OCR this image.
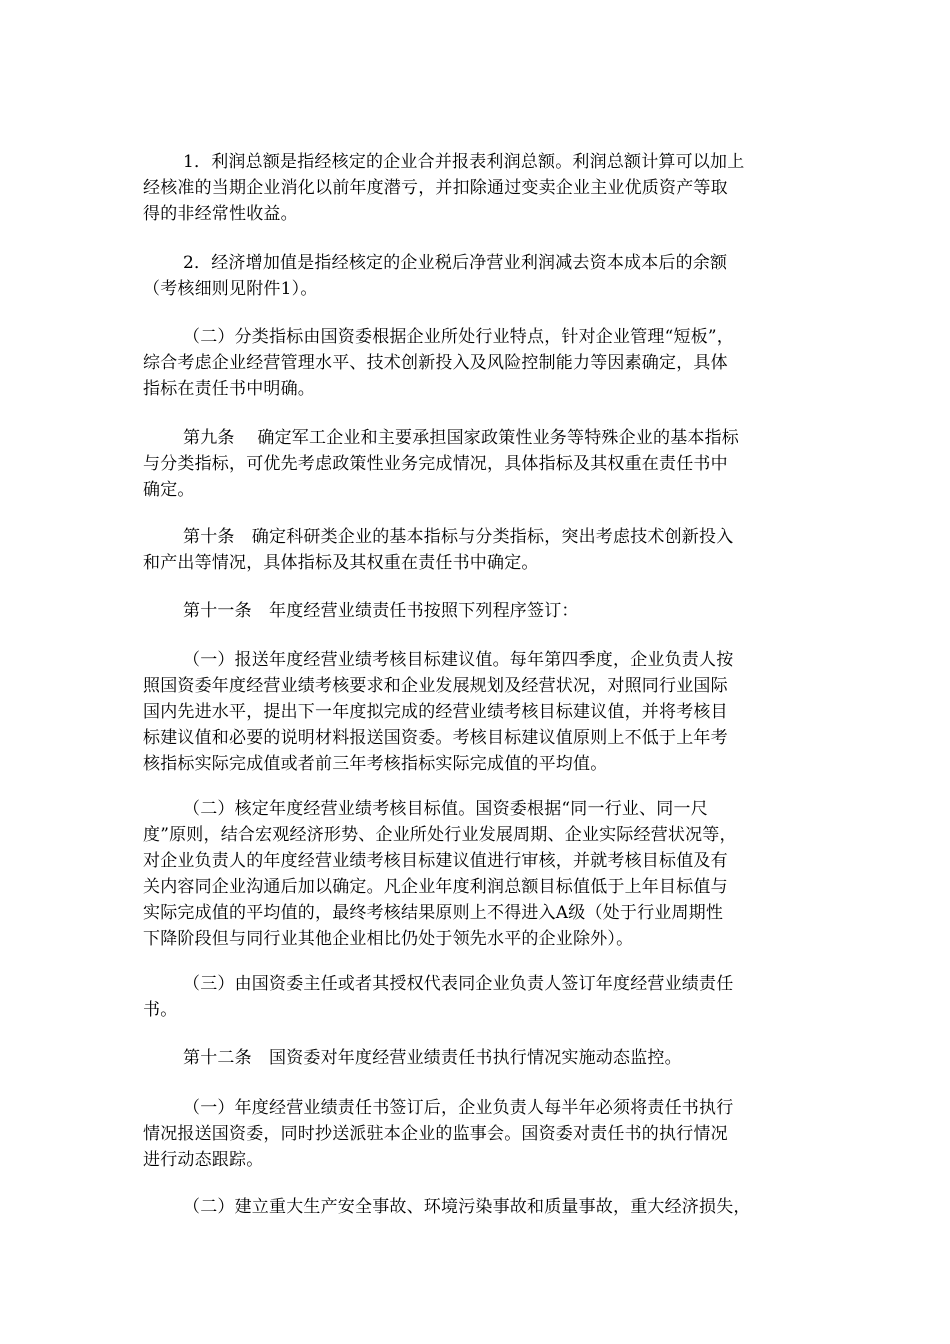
1．利润总额是指经核定的企业合并报表利润总额。利润总额计算可以加上
经核准的当期企业消化以前年度潜亏，并扣除通过变卖企业主业优质资产等取
得的非经常性收益。
2．经济增加值是指经核定的企业税后净营业利润减去资本成本后的余额
（考核细则见附件1）。
（二）分类指标由国资委根据企业所处行业特点，针对企业管理“短板”，
综合考虑企业经营管理水平、技术创新投入及风险控制能力等因素确定，具体
指标在责任书中明确。
第九条　 确定军工企业和主要承担国家政策性业务等特殊企业的基本指标
与分类指标，可优先考虑政策性业务完成情况，具体指标及其权重在责任书中
确定。
第十条　确定科研类企业的基本指标与分类指标，突出考虑技术创新投入
和产出等情况，具体指标及其权重在责任书中确定。
第十一条　年度经营业绩责任书按照下列程序签订：
（一）报送年度经营业绩考核目标建议值。每年第四季度，企业负责人按
照国资委年度经营业绩考核要求和企业发展规划及经营状况，对照同行业国际
国内先进水平，提出下一年度拟完成的经营业绩考核目标建议值，并将考核目
标建议值和必要的说明材料报送国资委。考核目标建议值原则上不低于上年考
核指标实际完成值或者前三年考核指标实际完成值的平均值。
（二）核定年度经营业绩考核目标值。国资委根据“同一行业、同一尺
度”原则，结合宏观经济形势、企业所处行业发展周期、企业实际经营状况等，
对企业负责人的年度经营业绩考核目标建议值进行审核，并就考核目标值及有
关内容同企业沟通后加以确定。凡企业年度利润总额目标值低于上年目标值与
实际完成值的平均值的，最终考核结果原则上不得进入A级（处于行业周期性
下降阶段但与同行业其他企业相比仍处于领先水平的企业除外）。
（三）由国资委主任或者其授权代表同企业负责人签订年度经营业绩责任
书。
第十二条　国资委对年度经营业绩责任书执行情况实施动态监控。
（一）年度经营业绩责任书签订后，企业负责人每半年必须将责任书执行
情况报送国资委，同时抄送派驻本企业的监事会。国资委对责任书的执行情况
进行动态跟踪。
（二）建立重大生产安全事故、环境污染事故和质量事故，重大经济损失，
